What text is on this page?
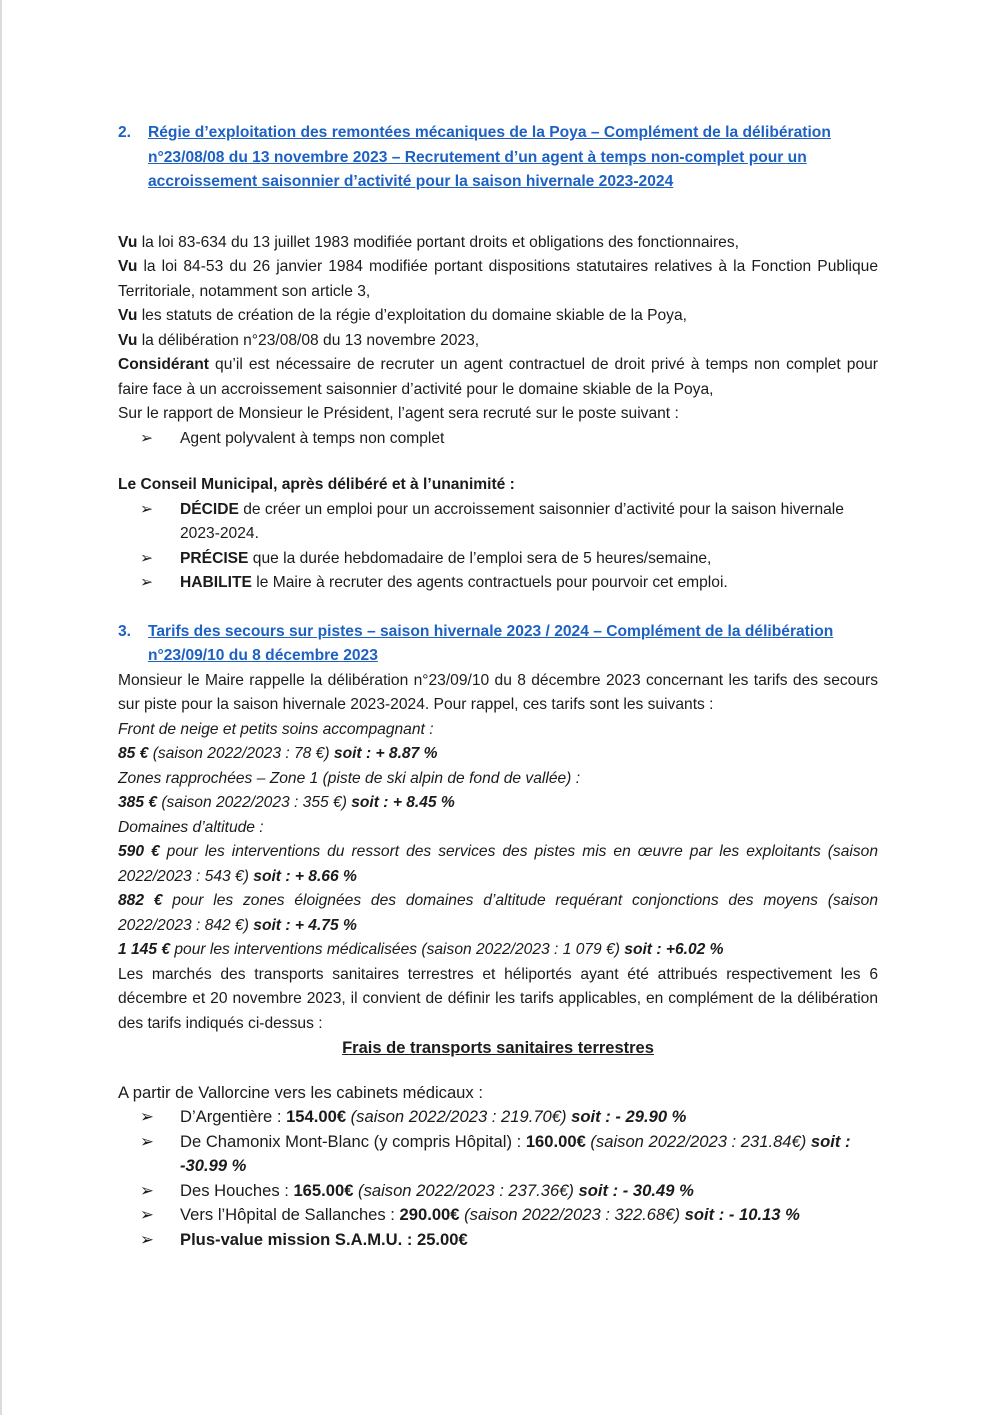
2.	Régie d’exploitation des remontées mécaniques de la Poya – Complément de la délibération
n°23/08/08 du 13 novembre 2023 – Recrutement d’un agent à temps non-complet pour un
accroissement saisonnier d’activité pour la saison hivernale 2023-2024

Vu la loi 83-634 du 13 juillet 1983 modifiée portant droits et obligations des fonctionnaires,

Vu la loi 84-53 du 26 janvier 1984 modifiée portant dispositions statutaires relatives à la Fonction Publique Territoriale, notamment son article 3,

Vu les statuts de création de la régie d’exploitation du domaine skiable de la Poya,

Vu la délibération n°23/08/08 du 13 novembre 2023,

Considérant qu’il est nécessaire de recruter un agent contractuel de droit privé à temps non complet pour faire face à un accroissement saisonnier d’activité pour le domaine skiable de la Poya,

Sur le rapport de Monsieur le Président, l’agent sera recruté sur le poste suivant :

➢	Agent polyvalent à temps non complet

Le Conseil Municipal, après délibéré et à l’unanimité :

➢	DÉCIDE de créer un emploi pour un accroissement saisonnier d’activité pour la saison hivernale 2023-2024.
➢	PRÉCISE que la durée hebdomadaire de l’emploi sera de 5 heures/semaine,
➢	HABILITE le Maire à recruter des agents contractuels pour pourvoir cet emploi.
3.	Tarifs des secours sur pistes – saison hivernale 2023 / 2024 – Complément de la délibération
n°23/09/10 du 8 décembre 2023

Monsieur le Maire rappelle la délibération n°23/09/10 du 8 décembre 2023 concernant les tarifs des secours sur piste pour la saison hivernale 2023-2024. Pour rappel, ces tarifs sont les suivants :

Front de neige et petits soins accompagnant :

85 € (saison 2022/2023 : 78 €) soit : + 8.87 %

Zones rapprochées – Zone 1 (piste de ski alpin de fond de vallée) :

385 € (saison 2022/2023 : 355 €) soit : + 8.45 %

Domaines d’altitude :

590 € pour les interventions du ressort des services des pistes mis en œuvre par les exploitants (saison 2022/2023 : 543 €) soit : + 8.66 %

882 € pour les zones éloignées des domaines d’altitude requérant conjonctions des moyens (saison 2022/2023 : 842 €) soit : + 4.75 %

1 145 € pour les interventions médicalisées (saison 2022/2023 : 1 079 €) soit : +6.02 %

Les marchés des transports sanitaires terrestres et héliportés ayant été attribués respectivement les 6 décembre et 20 novembre 2023, il convient de définir les tarifs applicables, en complément de la délibération des tarifs indiqués ci-dessus :

Frais de transports sanitaires terrestres

A partir de Vallorcine vers les cabinets médicaux :

➢	D’Argentière : 154.00€ (saison 2022/2023 : 219.70€) soit : - 29.90 %
➢	De Chamonix Mont-Blanc (y compris Hôpital) : 160.00€ (saison 2022/2023 : 231.84€) soit : -30.99 %
➢	Des Houches : 165.00€ (saison 2022/2023 : 237.36€) soit : - 30.49 %
➢	Vers l’Hôpital de Sallanches : 290.00€ (saison 2022/2023 : 322.68€) soit : - 10.13 %
➢	Plus-value mission S.A.M.U. : 25.00€
